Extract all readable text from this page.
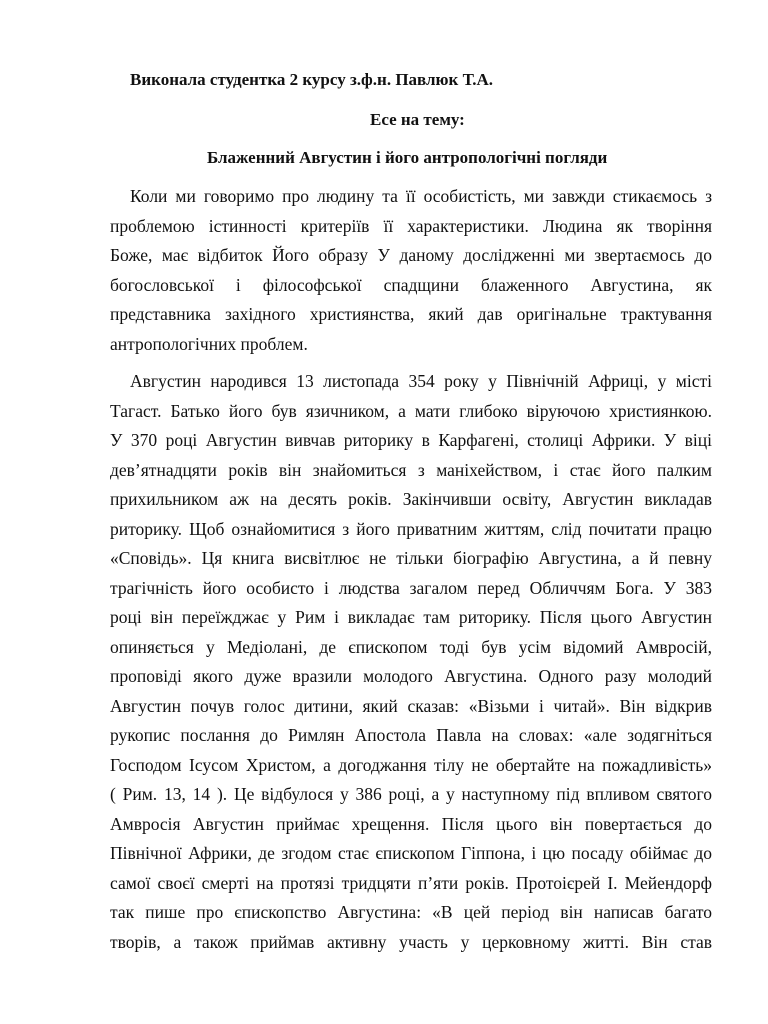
Виконала студентка 2 курсу з.ф.н. Павлюк Т.А.
Есе на тему:
Блаженний Августин і його антропологічні погляди
Коли ми говоримо про людину та її особистість, ми завжди стикаємось з
проблемою істинності критеріїв її характеристики. Людина як творіння
Боже, має відбиток Його образу У даному дослідженні ми звертаємось до
богословської і філософської спадщини блаженного Августина, як
представника західного християнства, який дав оригінальне трактування
антропологічних проблем.
Августин народився 13 листопада 354 року у Північній Африці, у місті
Тагаст. Батько його був язичником, а мати глибоко віруючою християнкою.
У 370 році Августин вивчав риторику в Карфагені, столиці Африки. У віці
дев’ятнадцяти років він знайомиться з маніхейством, і стає його палким
прихильником аж на десять років. Закінчивши освіту, Августин викладав
риторику. Щоб ознайомитися з його приватним життям, слід почитати працю
«Сповідь». Ця книга висвітлює не тільки біографію Августина, а й певну
трагічність його особисто і людства загалом перед Обличчям Бога. У 383
році він переїжджає у Рим і викладає там риторику. Після цього Августин
опиняється у Медіолані, де єпископом тоді був усім відомий Амвросій,
проповіді якого дуже вразили молодого Августина. Одного разу молодий
Августин почув голос дитини, який сказав: «Візьми і читай». Він відкрив
рукопис послання до Римлян Апостола Павла на словах: «але зодягніться
Господом Ісусом Христом, а догоджання тілу не обертайте на пожадливість»
( Рим. 13, 14 ). Це відбулося у 386 році, а у наступному під впливом святого
Амвросія Августин приймає хрещення. Після цього він повертається до
Північної Африки, де згодом стає єпископом Гіппона, і цю посаду обіймає до
самої своєї смерті на протязі тридцяти п’яти років. Протоієрей І. Мейендорф
так пише про єпископство Августина: «В цей період він написав багато
творів, а також приймав активну участь у церковному житті. Він став
